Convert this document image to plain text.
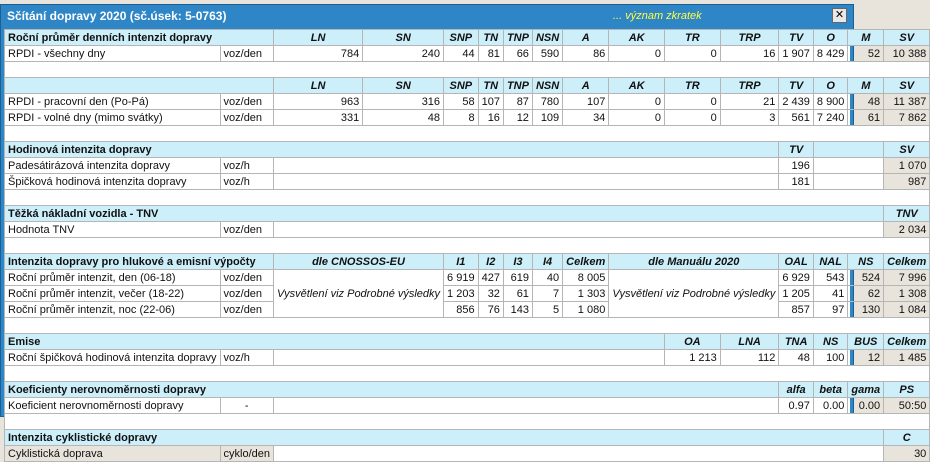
Sčítání dopravy 2020 (sč.úsek: 5-0763)	... význam zkratek	✕
Roční průměr denních intenzit dopravy		LN	SN	SNP	TN	TNP	NSN	A	AK	TR	TRP	TV	O	M	SV
RPDI - všechny dny	voz/den	784	240	44	81	66	590	86	0	0	16	1 907	8 429	52	10 388

		LN	SN	SNP	TN	TNP	NSN	A	AK	TR	TRP	TV	O	M	SV
RPDI - pracovní den (Po-Pá)	voz/den	963	316	58	107	87	780	107	0	0	21	2 439	8 900	48	11 387
RPDI - volné dny (mimo svátky)	voz/den	331	48	8	16	12	109	34	0	0	3	561	7 240	61	7 862

Hodinová intenzita dopravy												TV			SV
Padesátirázová intenzita dopravy	voz/h											196			1 070
Špičková hodinová intenzita dopravy	voz/h											181			987

Těžká nákladní vozidla - TNV															TNV
Hodnota TNV	voz/den														2 034

Intenzita dopravy pro hlukové a emisní výpočty		dle CNOSSOS-EU		I1	I2	I3	I4	Celkem	dle Manuálu 2020			OAL	NAL	NS	Celkem
Roční průměr intenzit, den (06-18)	voz/den	Vysvětlení viz Podrobné výsledky		6 919	427	619	40	8 005	Vysvětlení viz Podrobné výsledky			6 929	543	524	7 996
Roční průměr intenzit, večer (18-22)	voz/den			1 203	32	61	7	1 303				1 205	41	62	1 308
Roční průměr intenzit, noc (22-06)	voz/den			856	76	143	5	1 080				857	97	130	1 084

Emise										OA	LNA	TNA	NS	BUS	Celkem
Roční špičková hodinová intenzita dopravy	voz/h									1 213	112	48	100	12	1 485

Koeficienty nerovnoměrnosti dopravy												alfa	beta	gama	PS
Koeficient nerovnoměrnosti dopravy	-											0.97	0.00	0.00	50:50

Intenzita cyklistické dopravy															C
Cyklistická doprava	cyklo/den														30
